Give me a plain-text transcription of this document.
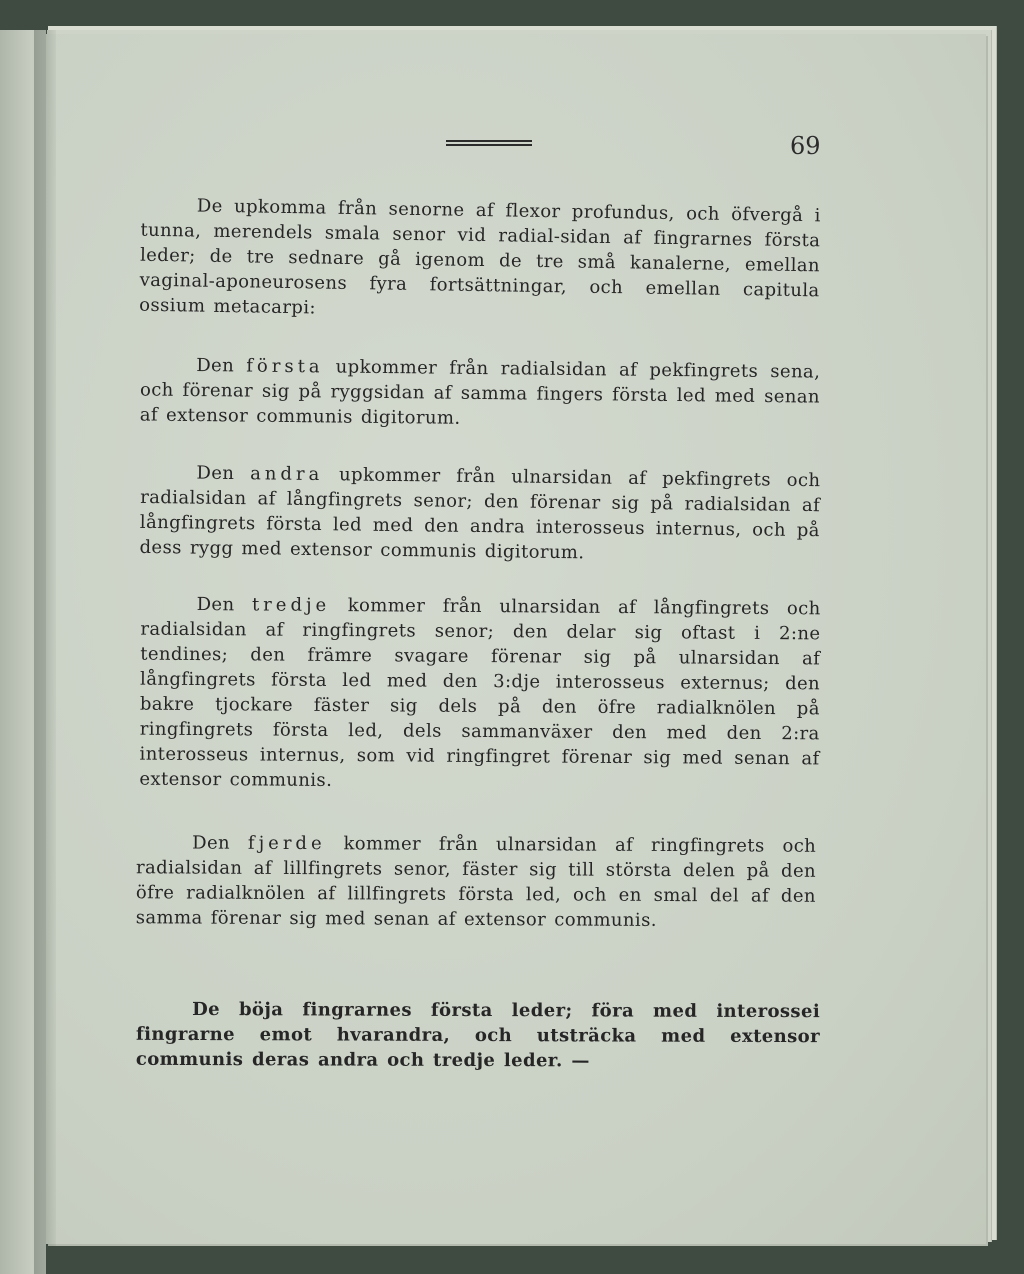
69

De upkomma från senorne af flexor profundus, och öfvergå i tunna, merendels smala senor vid radial-sidan af fingrarnes första leder; de tre sednare gå igenom de tre små kanalerne, emellan vaginal-aponeurosens fyra fortsättningar, och emellan capitula ossium metacarpi:

Den första upkommer från radialsidan af pekfingrets sena, och förenar sig på ryggsidan af samma fingers första led med senan af extensor communis digitorum.

Den andra upkommer från ulnarsidan af pekfingrets och radialsidan af långfingrets senor; den förenar sig på radialsidan af långfingrets första led med den andra interosseus internus, och på dess rygg med extensor communis digitorum.

Den tredje kommer från ulnarsidan af långfingrets och radialsidan af ringfingrets senor; den delar sig oftast i 2:ne tendines; den främre svagare förenar sig på ulnarsidan af långfingrets första led med den 3:dje interosseus externus; den bakre tjockare fäster sig dels på den öfre radialknölen på ringfingrets första led, dels sammanväxer den med den 2:ra interosseus internus, som vid ringfingret förenar sig med senan af extensor communis.

Den fjerde kommer från ulnarsidan af ringfingrets och radialsidan af lillfingrets senor, fäster sig till största delen på den öfre radialknölen af lillfingrets första led, och en smal del af den samma förenar sig med senan af extensor communis.

De böja fingrarnes första leder; föra med interossei fingrarne emot hvarandra, och utsträcka med extensor communis deras andra och tredje leder. —
